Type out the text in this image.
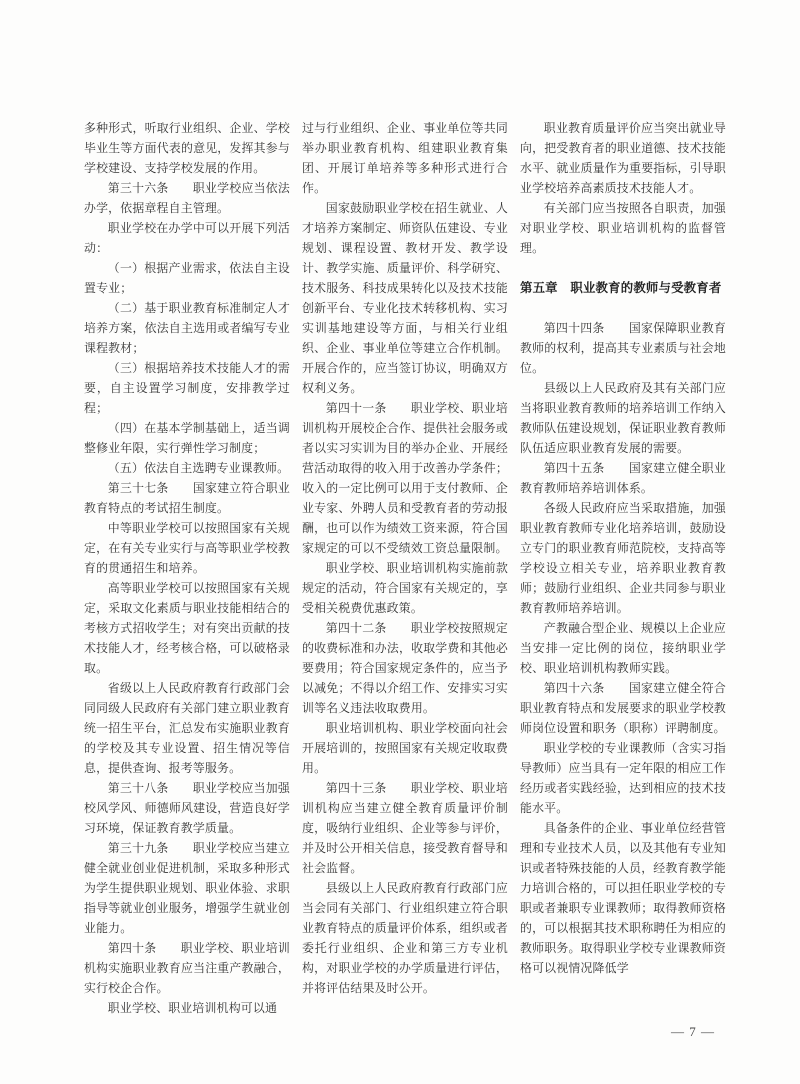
多种形式，听取行业组织、企业、学校毕业生等方面代表的意见，发挥其参与学校建设、支持学校发展的作用。

第三十六条　　职业学校应当依法办学，依据章程自主管理。

职业学校在办学中可以开展下列活动：

（一）根据产业需求，依法自主设置专业；

（二）基于职业教育标准制定人才培养方案，依法自主选用或者编写专业课程教材；

（三）根据培养技术技能人才的需要，自主设置学习制度，安排教学过程；

（四）在基本学制基础上，适当调整修业年限，实行弹性学习制度；

（五）依法自主选聘专业课教师。

第三十七条　　国家建立符合职业教育特点的考试招生制度。

中等职业学校可以按照国家有关规定，在有关专业实行与高等职业学校教育的贯通招生和培养。

高等职业学校可以按照国家有关规定，采取文化素质与职业技能相结合的考核方式招收学生；对有突出贡献的技术技能人才，经考核合格，可以破格录取。

省级以上人民政府教育行政部门会同同级人民政府有关部门建立职业教育统一招生平台，汇总发布实施职业教育的学校及其专业设置、招生情况等信息，提供查询、报考等服务。

第三十八条　　职业学校应当加强校风学风、师德师风建设，营造良好学习环境，保证教育教学质量。

第三十九条　　职业学校应当建立健全就业创业促进机制，采取多种形式为学生提供职业规划、职业体验、求职指导等就业创业服务，增强学生就业创业能力。

第四十条　　职业学校、职业培训机构实施职业教育应当注重产教融合，实行校企合作。

职业学校、职业培训机构可以通

过与行业组织、企业、事业单位等共同举办职业教育机构、组建职业教育集团、开展订单培养等多种形式进行合作。

国家鼓励职业学校在招生就业、人才培养方案制定、师资队伍建设、专业规划、课程设置、教材开发、教学设计、教学实施、质量评价、科学研究、技术服务、科技成果转化以及技术技能创新平台、专业化技术转移机构、实习实训基地建设等方面，与相关行业组织、企业、事业单位等建立合作机制。开展合作的，应当签订协议，明确双方权利义务。

第四十一条　　职业学校、职业培训机构开展校企合作、提供社会服务或者以实习实训为目的举办企业、开展经营活动取得的收入用于改善办学条件；收入的一定比例可以用于支付教师、企业专家、外聘人员和受教育者的劳动报酬，也可以作为绩效工资来源，符合国家规定的可以不受绩效工资总量限制。

职业学校、职业培训机构实施前款规定的活动，符合国家有关规定的，享受相关税费优惠政策。

第四十二条　　职业学校按照规定的收费标准和办法，收取学费和其他必要费用；符合国家规定条件的，应当予以减免；不得以介绍工作、安排实习实训等名义违法收取费用。

职业培训机构、职业学校面向社会开展培训的，按照国家有关规定收取费用。

第四十三条　　职业学校、职业培训机构应当建立健全教育质量评价制度，吸纳行业组织、企业等参与评价，并及时公开相关信息，接受教育督导和社会监督。

县级以上人民政府教育行政部门应当会同有关部门、行业组织建立符合职业教育特点的质量评价体系，组织或者委托行业组织、企业和第三方专业机构，对职业学校的办学质量进行评估，并将评估结果及时公开。

职业教育质量评价应当突出就业导向，把受教育者的职业道德、技术技能水平、就业质量作为重要指标，引导职业学校培养高素质技术技能人才。

有关部门应当按照各自职责，加强对职业学校、职业培训机构的监督管理。

第五章　职业教育的教师与受教育者

第四十四条　　国家保障职业教育教师的权利，提高其专业素质与社会地位。

县级以上人民政府及其有关部门应当将职业教育教师的培养培训工作纳入教师队伍建设规划，保证职业教育教师队伍适应职业教育发展的需要。

第四十五条　　国家建立健全职业教育教师培养培训体系。

各级人民政府应当采取措施，加强职业教育教师专业化培养培训，鼓励设立专门的职业教育师范院校，支持高等学校设立相关专业，培养职业教育教师；鼓励行业组织、企业共同参与职业教育教师培养培训。

产教融合型企业、规模以上企业应当安排一定比例的岗位，接纳职业学校、职业培训机构教师实践。

第四十六条　　国家建立健全符合职业教育特点和发展要求的职业学校教师岗位设置和职务（职称）评聘制度。

职业学校的专业课教师（含实习指导教师）应当具有一定年限的相应工作经历或者实践经验，达到相应的技术技能水平。

具备条件的企业、事业单位经营管理和专业技术人员，以及其他有专业知识或者特殊技能的人员，经教育教学能力培训合格的，可以担任职业学校的专职或者兼职专业课教师；取得教师资格的，可以根据其技术职称聘任为相应的教师职务。取得职业学校专业课教师资格可以视情况降低学

— 7 —
